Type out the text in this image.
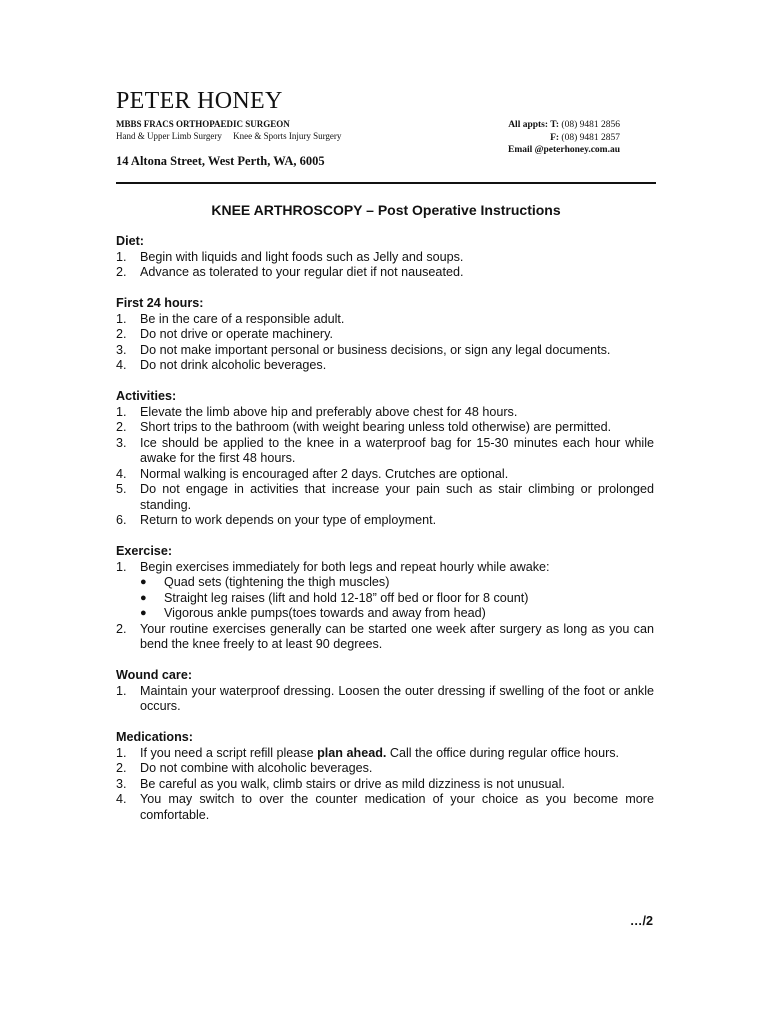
PETER HONEY
MBBS FRACS ORTHOPAEDIC SURGEON
Hand & Upper Limb Surgery Knee & Sports Injury Surgery
14 Altona Street, West Perth, WA, 6005
All appts: T: (08) 9481 2856
F: (08) 9481 2857
Email @peterhoney.com.au
KNEE ARTHROSCOPY – Post Operative Instructions
Diet:
1. Begin with liquids and light foods such as Jelly and soups.
2. Advance as tolerated to your regular diet if not nauseated.
First 24 hours:
1. Be in the care of a responsible adult.
2. Do not drive or operate machinery.
3. Do not make important personal or business decisions, or sign any legal documents.
4. Do not drink alcoholic beverages.
Activities:
1. Elevate the limb above hip and preferably above chest for 48 hours.
2. Short trips to the bathroom (with weight bearing unless told otherwise) are permitted.
3. Ice should be applied to the knee in a waterproof bag for 15-30 minutes each hour while awake for the first 48 hours.
4. Normal walking is encouraged after 2 days. Crutches are optional.
5. Do not engage in activities that increase your pain such as stair climbing or prolonged standing.
6. Return to work depends on your type of employment.
Exercise:
1. Begin exercises immediately for both legs and repeat hourly while awake:
● Quad sets (tightening the thigh muscles)
● Straight leg raises (lift and hold 12-18” off bed or floor for 8 count)
● Vigorous ankle pumps(toes towards and away from head)
2. Your routine exercises generally can be started one week after surgery as long as you can bend the knee freely to at least 90 degrees.
Wound care:
1. Maintain your waterproof dressing. Loosen the outer dressing if swelling of the foot or ankle occurs.
Medications:
1. If you need a script refill please plan ahead. Call the office during regular office hours.
2. Do not combine with alcoholic beverages.
3. Be careful as you walk, climb stairs or drive as mild dizziness is not unusual.
4. You may switch to over the counter medication of your choice as you become more comfortable.
…/2
